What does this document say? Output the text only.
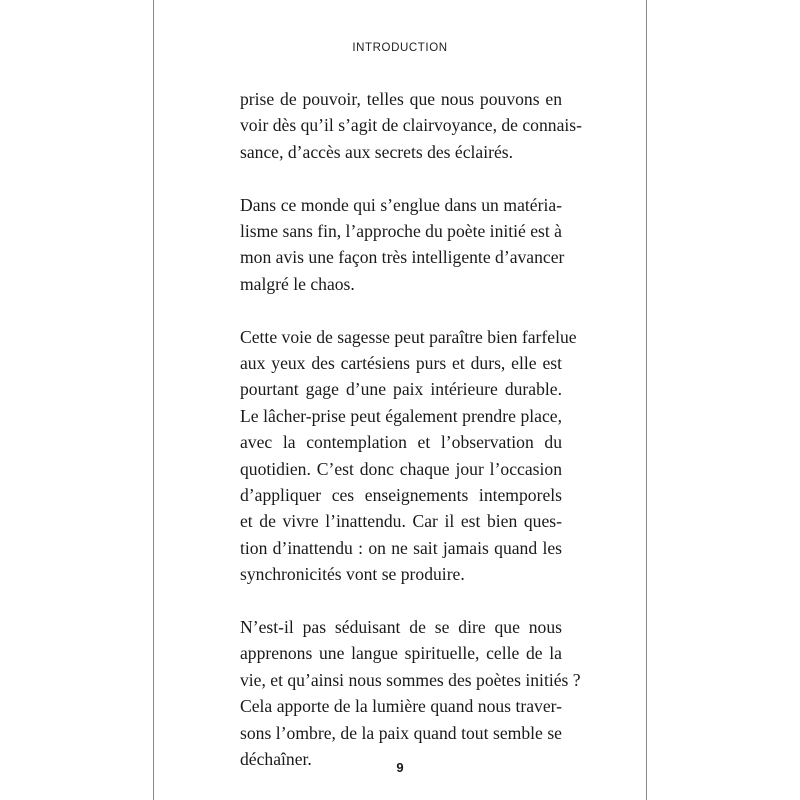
INTRODUCTION

prise de pouvoir, telles que nous pouvons en
voir dès qu’il s’agit de clairvoyance, de connais-
sance, d’accès aux secrets des éclairés.

Dans ce monde qui s’englue dans un matéria-
lisme sans fin, l’approche du poète initié est à
mon avis une façon très intelligente d’avancer
malgré le chaos.

Cette voie de sagesse peut paraître bien farfelue
aux yeux des cartésiens purs et durs, elle est
pourtant gage d’une paix intérieure durable.
Le lâcher-prise peut également prendre place,
avec la contemplation et l’observation du
quotidien. C’est donc chaque jour l’occasion
d’appliquer ces enseignements intemporels
et de vivre l’inattendu. Car il est bien ques-
tion d’inattendu : on ne sait jamais quand les
synchronicités vont se produire.

N’est-il pas séduisant de se dire que nous
apprenons une langue spirituelle, celle de la
vie, et qu’ainsi nous sommes des poètes initiés ?
Cela apporte de la lumière quand nous traver-
sons l’ombre, de la paix quand tout semble se
déchaîner.	9
